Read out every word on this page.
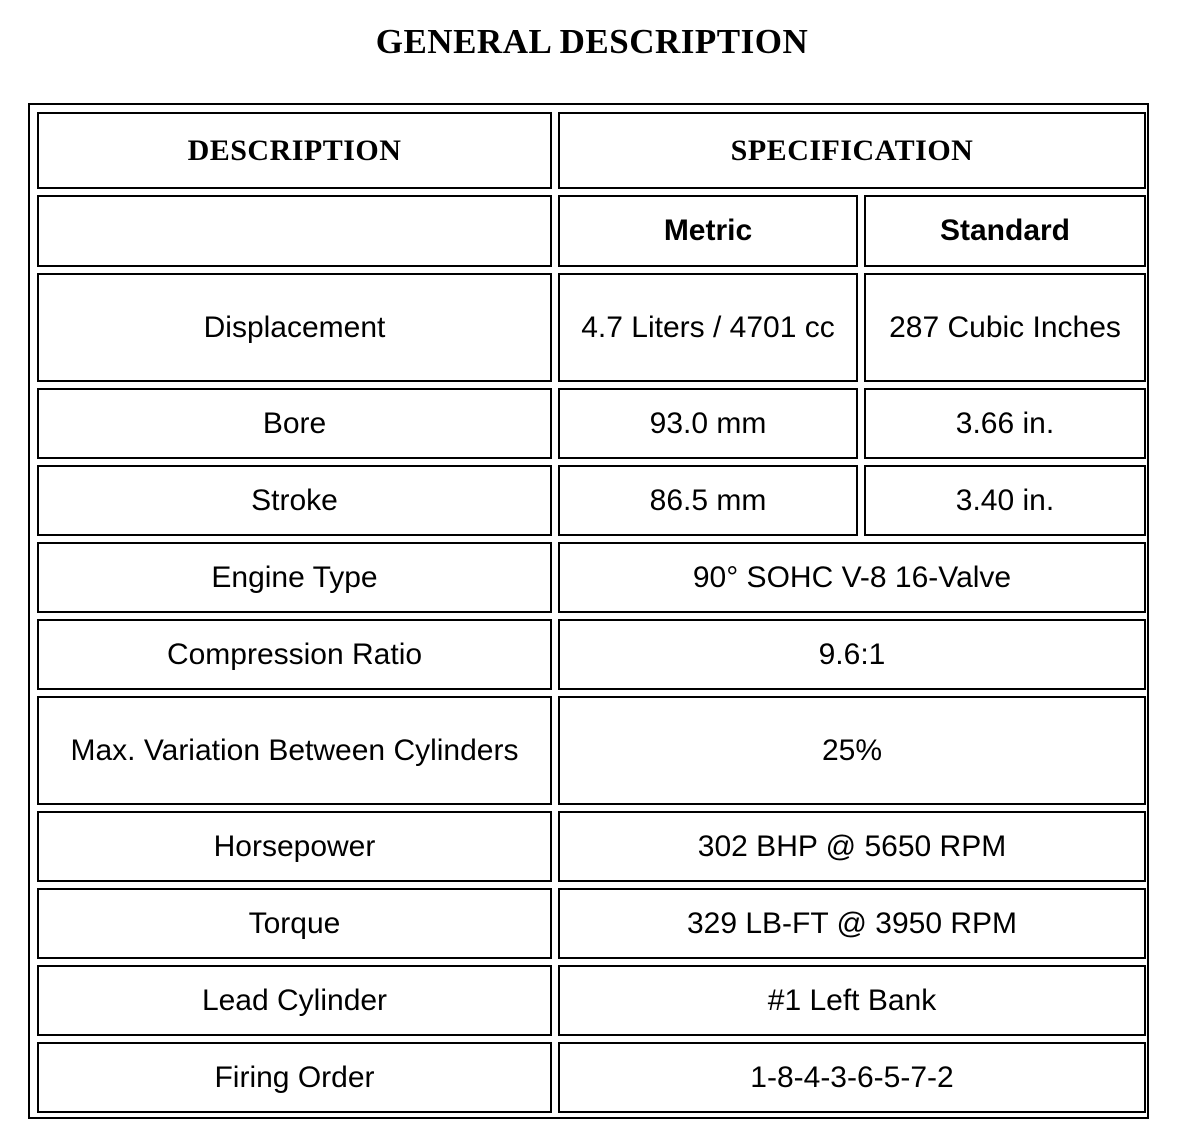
GENERAL DESCRIPTION
DESCRIPTION	SPECIFICATION	
	Metric	Standard
Displacement	4.7 Liters / 4701 cc	287 Cubic Inches
Bore	93.0 mm	3.66 in.
Stroke	86.5 mm	3.40 in.
Engine Type	90° SOHC V-8 16-Valve	
Compression Ratio	9.6:1	
Max. Variation Between Cylinders	25%	
Horsepower	302 BHP @ 5650 RPM	
Torque	329 LB-FT @ 3950 RPM	
Lead Cylinder	#1 Left Bank	
Firing Order	1-8-4-3-6-5-7-2	
